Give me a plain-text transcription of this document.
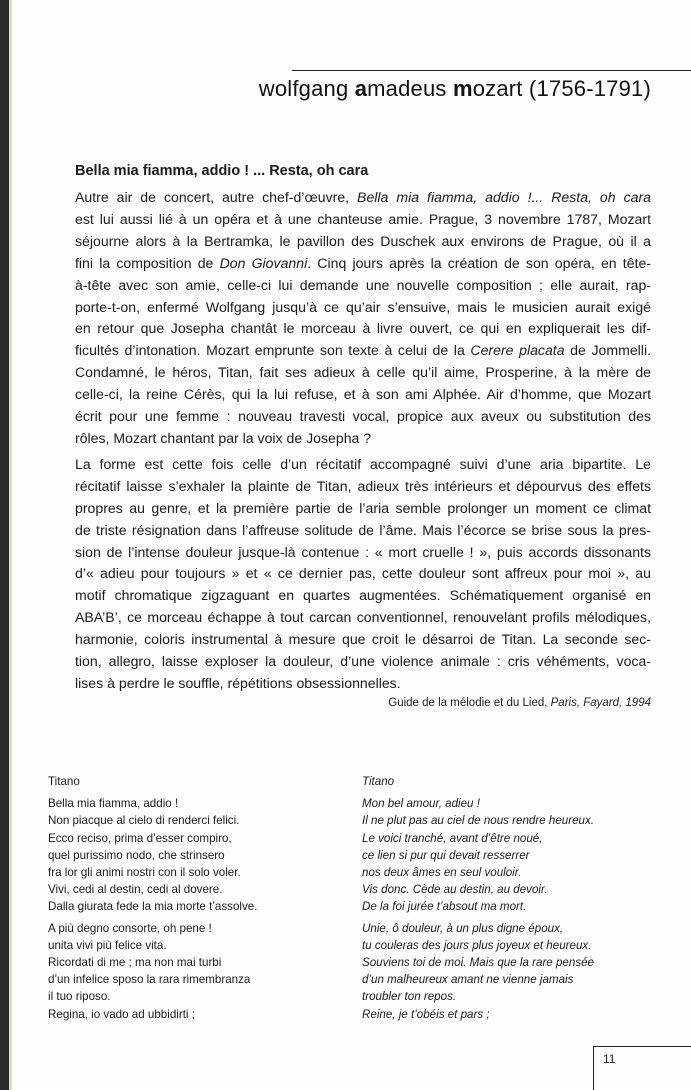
wolfgang amadeus mozart (1756-1791)
Bella mia fiamma, addio ! ... Resta, oh cara

Autre air de concert, autre chef-d’œuvre, Bella mia fiamma, addio !... Resta, oh cara
est lui aussi lié à un opéra et à une chanteuse amie. Prague, 3 novembre 1787, Mozart
séjourne alors à la Bertramka, le pavillon des Duschek aux environs de Prague, où il a
fini la composition de Don Giovanni. Cinq jours après la création de son opéra, en tête-
à-tête avec son amie, celle-ci lui demande une nouvelle composition ; elle aurait, rap-
porte-t-on, enfermé Wolfgang jusqu’à ce qu’air s’ensuive, mais le musicien aurait exigé
en retour que Josepha chantât le morceau à livre ouvert, ce qui en expliquerait les dif-
ficultés d’intonation. Mozart emprunte son texte à celui de la Cerere placata de Jommelli.
Condamné, le héros, Titan, fait ses adieux à celle qu’il aime, Prosperine, à la mère de
celle-ci, la reine Cérès, qui la lui refuse, et à son ami Alphée. Air d’homme, que Mozart
écrit pour une femme : nouveau travesti vocal, propice aux aveux ou substitution des
rôles, Mozart chantant par la voix de Josepha ?

La forme est cette fois celle d’un récitatif accompagné suivi d’une aria bipartite. Le
récitatif laisse s’exhaler la plainte de Titan, adieux très intérieurs et dépourvus des effets
propres au genre, et la première partie de l’aria semble prolonger un moment ce climat
de triste résignation dans l’affreuse solitude de l’âme. Mais l’écorce se brise sous la pres-
sion de l’intense douleur jusque-là contenue : « mort cruelle ! », puis accords dissonants
d’« adieu pour toujours » et « ce dernier pas, cette douleur sont affreux pour moi », au
motif chromatique zigzaguant en quartes augmentées. Schématiquement organisé en
ABA’B’, ce morceau échappe à tout carcan conventionnel, renouvelant profils mélodiques,
harmonie, coloris instrumental à mesure que croit le désarroi de Titan. La seconde sec-
tion, allegro, laisse exploser la douleur, d’une violence animale : cris véhéments, voca-
lises à perdre le souffle, répétitions obsessionnelles.

Guide de la mélodie et du Lied, Paris, Fayard, 1994
Titano
Bella mia fiamma, addio !
Non piacque al cielo di renderci felici.
Ecco reciso, prima d’esser compiro,
quel purissimo nodo, che strinsero
fra lor gli animi nostri con il solo voler.
Vivi, cedi al destin, cedi al dovere.
Dalla giurata fede la mia morte t’assolve.
A più degno consorte, oh pene !
unita vivi più felice vita.
Ricordati di me ; ma non mai turbi
d’un infelice sposo la rara rimembranza
il tuo riposo.
Regina, io vado ad ubbidirti ;
Titano
Mon bel amour, adieu !
Il ne plut pas au ciel de nous rendre heureux.
Le voici tranché, avant d’être noué,
ce lien si pur qui devait resserrer
nos deux âmes en seul vouloir.
Vis donc. Cède au destin, au devoir.
De la foi jurée t’absout ma mort.
Unie, ô douleur, à un plus digne époux,
tu couleras des jours plus joyeux et heureux.
Souviens toi de moi. Mais que la rare pensée
d’un malheureux amant ne vienne jamais
troubler ton repos.
Reine, je t’obéis et pars ;
11
